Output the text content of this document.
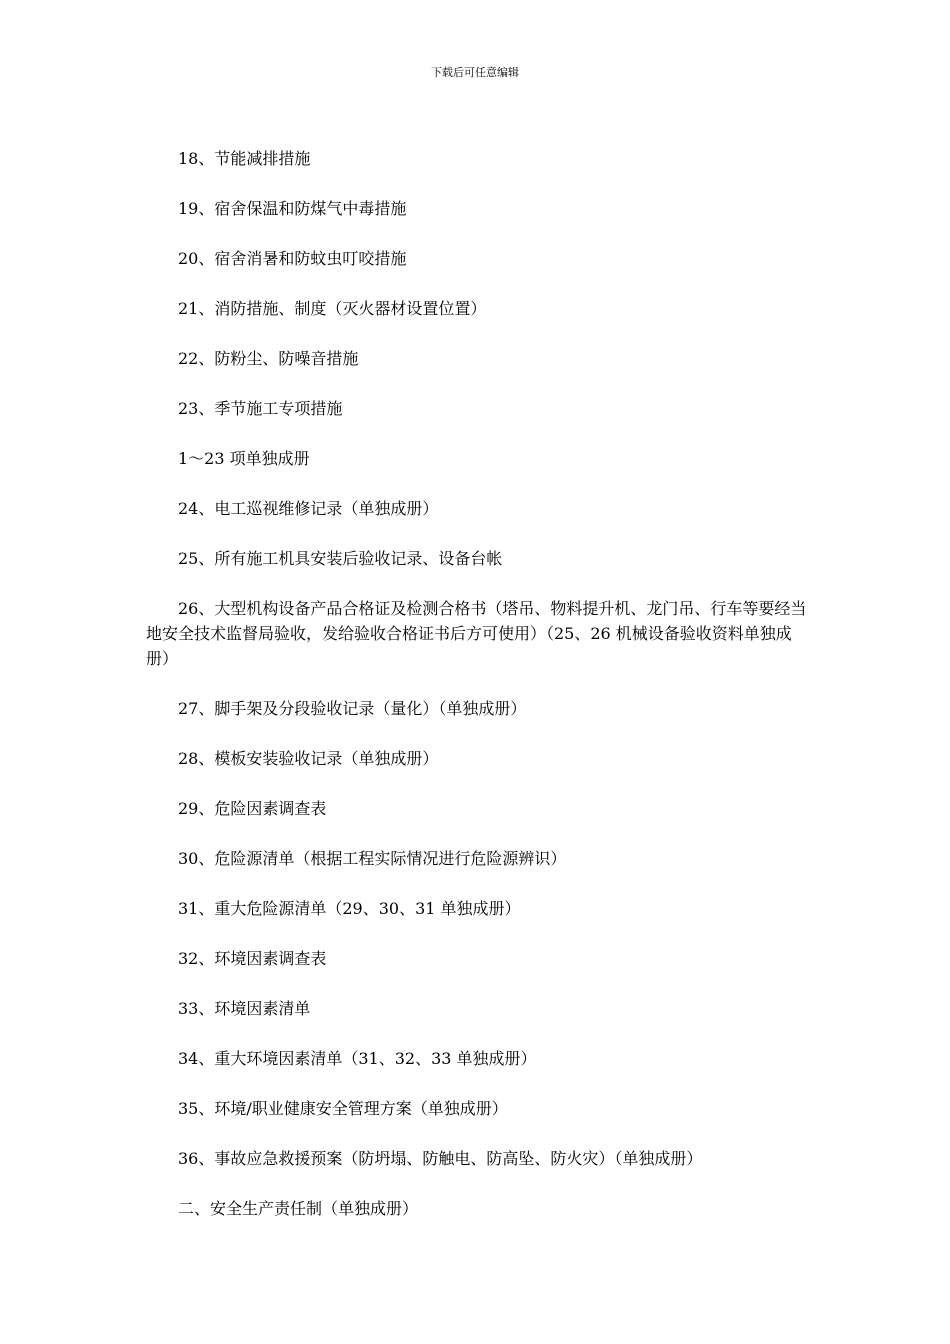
下载后可任意编辑

18、节能减排措施

19、宿舍保温和防煤气中毒措施

20、宿舍消暑和防蚊虫叮咬措施

21、消防措施、制度（灭火器材设置位置）

22、防粉尘、防噪音措施

23、季节施工专项措施

1～23 项单独成册

24、电工巡视维修记录（单独成册）

25、所有施工机具安装后验收记录、设备台帐

26、大型机构设备产品合格证及检测合格书（塔吊、物料提升机、龙门吊、行车等要经当地安全技术监督局验收，发给验收合格证书后方可使用）（25、26 机械设备验收资料单独成册）

27、脚手架及分段验收记录（量化）（单独成册）

28、模板安装验收记录（单独成册）

29、危险因素调查表

30、危险源清单（根据工程实际情况进行危险源辨识）

31、重大危险源清单（29、30、31 单独成册）

32、环境因素调查表

33、环境因素清单

34、重大环境因素清单（31、32、33 单独成册）

35、环境/职业健康安全管理方案（单独成册）

36、事故应急救援预案（防坍塌、防触电、防高坠、防火灾）（单独成册）

二、安全生产责任制（单独成册）
